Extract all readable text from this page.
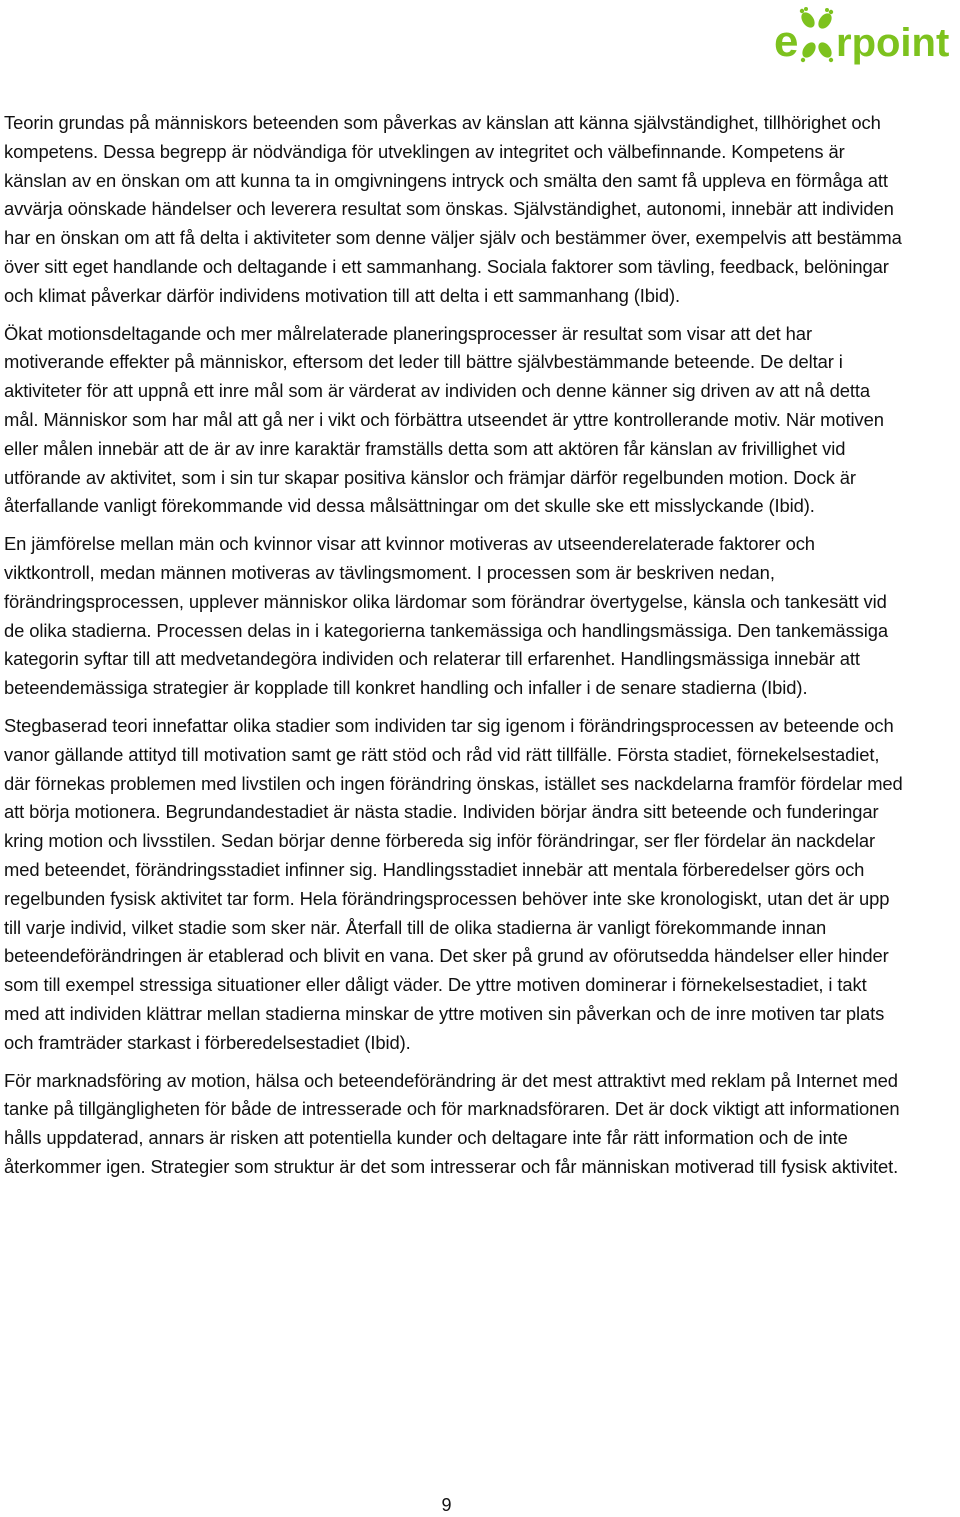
e rpoint

Teorin grundas på människors beteenden som påverkas av känslan att känna självständighet, tillhörighet och kompetens. Dessa begrepp är nödvändiga för utveklingen av integritet och välbefinnande. Kompetens är känslan av en önskan om att kunna ta in omgivningens intryck och smälta den samt få uppleva en förmåga att avvärja oönskade händelser och leverera resultat som önskas. Självständighet, autonomi, innebär att individen har en önskan om att få delta i aktiviteter som denne väljer själv och bestämmer över, exempelvis att bestämma över sitt eget handlande och deltagande i ett sammanhang. Sociala faktorer som tävling, feedback, belöningar och klimat påverkar därför individens motivation till att delta i ett sammanhang (Ibid).

Ökat motionsdeltagande och mer målrelaterade planeringsprocesser är resultat som visar att det har motiverande effekter på människor, eftersom det leder till bättre självbestämmande beteende. De deltar i aktiviteter för att uppnå ett inre mål som är värderat av individen och denne känner sig driven av att nå detta mål. Människor som har mål att gå ner i vikt och förbättra utseendet är yttre kontrollerande motiv. När motiven eller målen innebär att de är av inre karaktär framställs detta som att aktören får känslan av frivillighet vid utförande av aktivitet, som i sin tur skapar positiva känslor och främjar därför regelbunden motion. Dock är återfallande vanligt förekommande vid dessa målsättningar om det skulle ske ett misslyckande (Ibid).

En jämförelse mellan män och kvinnor visar att kvinnor motiveras av utseenderelaterade faktorer och viktkontroll, medan männen motiveras av tävlingsmoment. I processen som är beskriven nedan, förändringsprocessen, upplever människor olika lärdomar som förändrar övertygelse, känsla och tankesätt vid de olika stadierna. Processen delas in i kategorierna tankemässiga och handlingsmässiga. Den tankemässiga kategorin syftar till att medvetandegöra individen och relaterar till erfarenhet. Handlingsmässiga innebär att beteendemässiga strategier är kopplade till konkret handling och infaller i de senare stadierna (Ibid).

Stegbaserad teori innefattar olika stadier som individen tar sig igenom i förändringsprocessen av beteende och vanor gällande attityd till motivation samt ge rätt stöd och råd vid rätt tillfälle. Första stadiet, förnekelsestadiet, där förnekas problemen med livstilen och ingen förändring önskas, istället ses nackdelarna framför fördelar med att börja motionera. Begrundandestadiet är nästa stadie. Individen börjar ändra sitt beteende och funderingar kring motion och livsstilen. Sedan börjar denne förbereda sig inför förändringar, ser fler fördelar än nackdelar med beteendet, förändringsstadiet infinner sig. Handlingsstadiet innebär att mentala förberedelser görs och regelbunden fysisk aktivitet tar form. Hela förändringsprocessen behöver inte ske kronologiskt, utan det är upp till varje individ, vilket stadie som sker när. Återfall till de olika stadierna är vanligt förekommande innan beteendeförändringen är etablerad och blivit en vana. Det sker på grund av oförutsedda händelser eller hinder som till exempel stressiga situationer eller dåligt väder. De yttre motiven dominerar i förnekelsestadiet, i takt med att individen klättrar mellan stadierna minskar de yttre motiven sin påverkan och de inre motiven tar plats och framträder starkast i förberedelsestadiet (Ibid).

För marknadsföring av motion, hälsa och beteendeförändring är det mest attraktivt med reklam på Internet med tanke på tillgängligheten för både de intresserade och för marknadsföraren. Det är dock viktigt att informationen hålls uppdaterad, annars är risken att potentiella kunder och deltagare inte får rätt information och de inte återkommer igen. Strategier som struktur är det som intresserar och får människan motiverad till fysisk aktivitet.

9
